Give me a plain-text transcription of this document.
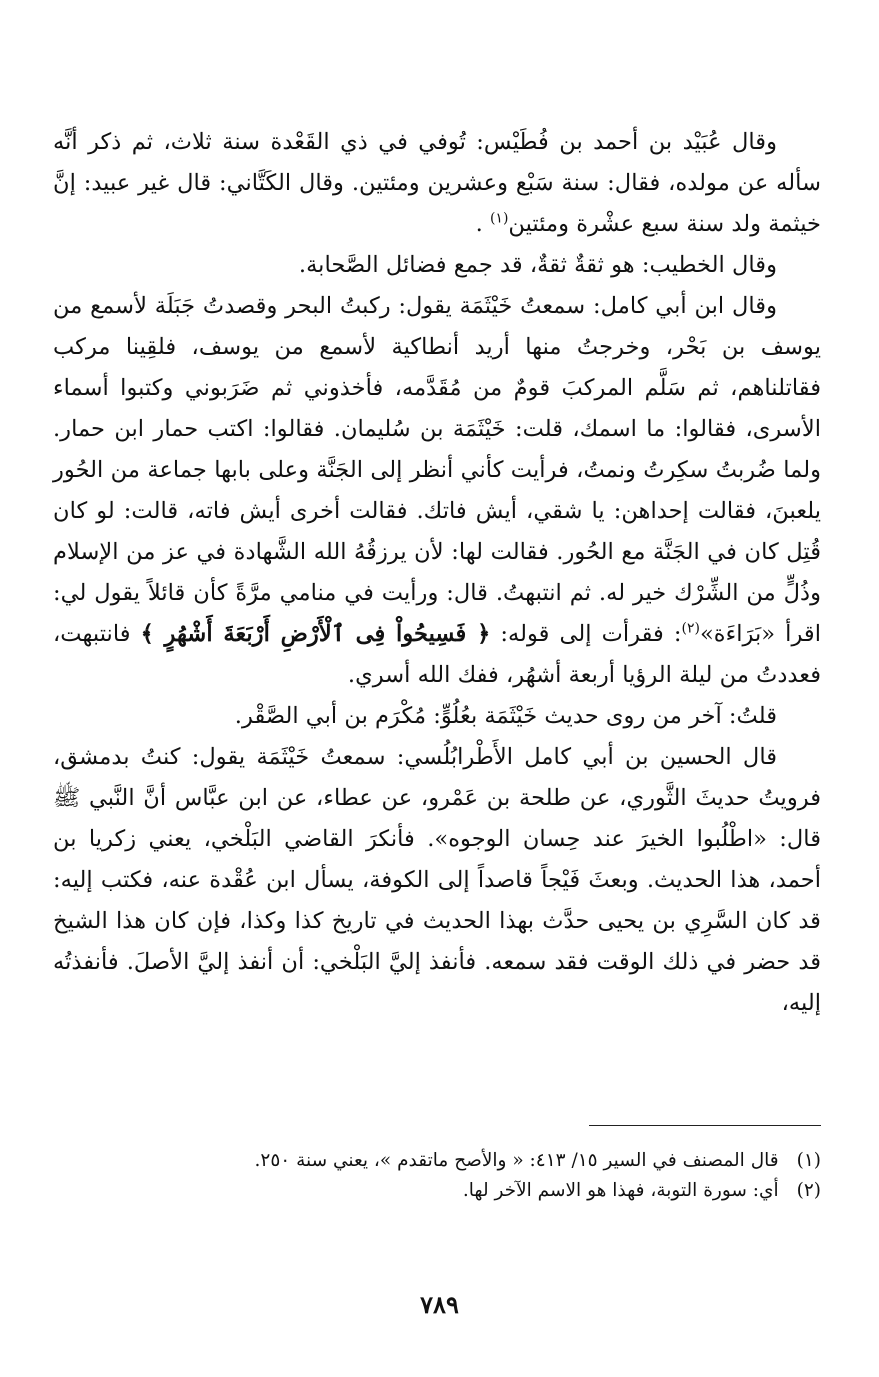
وقال عُبَيْد بن أحمد بن فُطَيْس: تُوفي في ذي القَعْدة سنة ثلاث، ثم ذكر أنَّه سأله عن مولده، فقال: سنة سَبْع وعشرين ومئتين. وقال الكَتَّاني: قال غير عبيد: إنَّ خيثمة ولد سنة سبع عشْرة ومئتين$^{(١)}$ .

وقال الخطيب: هو ثقةٌ ثقةٌ، قد جمع فضائل الصَّحابة.

وقال ابن أبي كامل: سمعتُ خَيْثَمَة يقول: ركبتُ البحر وقصدتُ جَبَلَة لأسمع من يوسف بن بَحْر، وخرجتُ منها أريد أنطاكية لأسمع من يوسف، فلقِينا مركب فقاتلناهم، ثم سَلَّم المركبَ قومٌ من مُقَدَّمه، فأخذوني ثم ضَرَبوني وكتبوا أسماء الأسرى، فقالوا: ما اسمك، قلت: خَيْثَمَة بن سُليمان. فقالوا: اكتب حمار ابن حمار. ولما ضُربتُ سكِرتُ ونمتُ، فرأيت كأني أنظر إلى الجَنَّة وعلى بابها جماعة من الحُور يلعبنَ، فقالت إحداهن: يا شقي، أيش فاتك. فقالت أخرى أيش فاته، قالت: لو كان قُتِل كان في الجَنَّة مع الحُور. فقالت لها: لأن يرزقُهُ الله الشَّهادة في عز من الإسلام وذُلٍّ من الشِّرْك خير له. ثم انتبهتُ. قال: ورأيت في منامي مرَّةً كأن قائلاً يقول لي: اقرأ «بَرَاءَة»$^{(٢)}$: فقرأت إلى قوله: ﴿ فَسِيحُواْ فِى ٱلْأَرْضِ أَرْبَعَةَ أَشْهُرٍ ﴾ فانتبهت، فعددتُ من ليلة الرؤيا أربعة أشهُر، ففك الله أسري.

قلتُ: آخر من روى حديث خَيْثَمَة بعُلُوٍّ: مُكْرَم بن أبي الصَّقْر.

قال الحسين بن أبي كامل الأَطْرابُلُسي: سمعتُ خَيْثَمَة يقول: كنتُ بدمشق، فرويتُ حديثَ الثَّوري، عن طلحة بن عَمْرو، عن عطاء، عن ابن عبَّاس أنَّ النَّبي ﷺ قال: «اطْلُبوا الخيرَ عند حِسان الوجوه». فأنكرَ القاضي البَلْخي، يعني زكريا بن أحمد، هذا الحديث. وبعثَ فَيْجاً قاصداً إلى الكوفة، يسأل ابن عُقْدة عنه، فكتب إليه: قد كان السَّرِي بن يحيى حدَّث بهذا الحديث في تاريخ كذا وكذا، فإن كان هذا الشيخ قد حضر في ذلك الوقت فقد سمعه. فأنفذ إليَّ البَلْخي: أن أنفذ إليَّ الأصلَ. فأنفذتُه إليه،

(١)
قال المصنف في السير ١٥/ ٤١٣: « والأصح ماتقدم »، يعني سنة ٢٥٠.
(٢)
أي: سورة التوبة، فهذا هو الاسم الآخر لها.
٧٨٩
